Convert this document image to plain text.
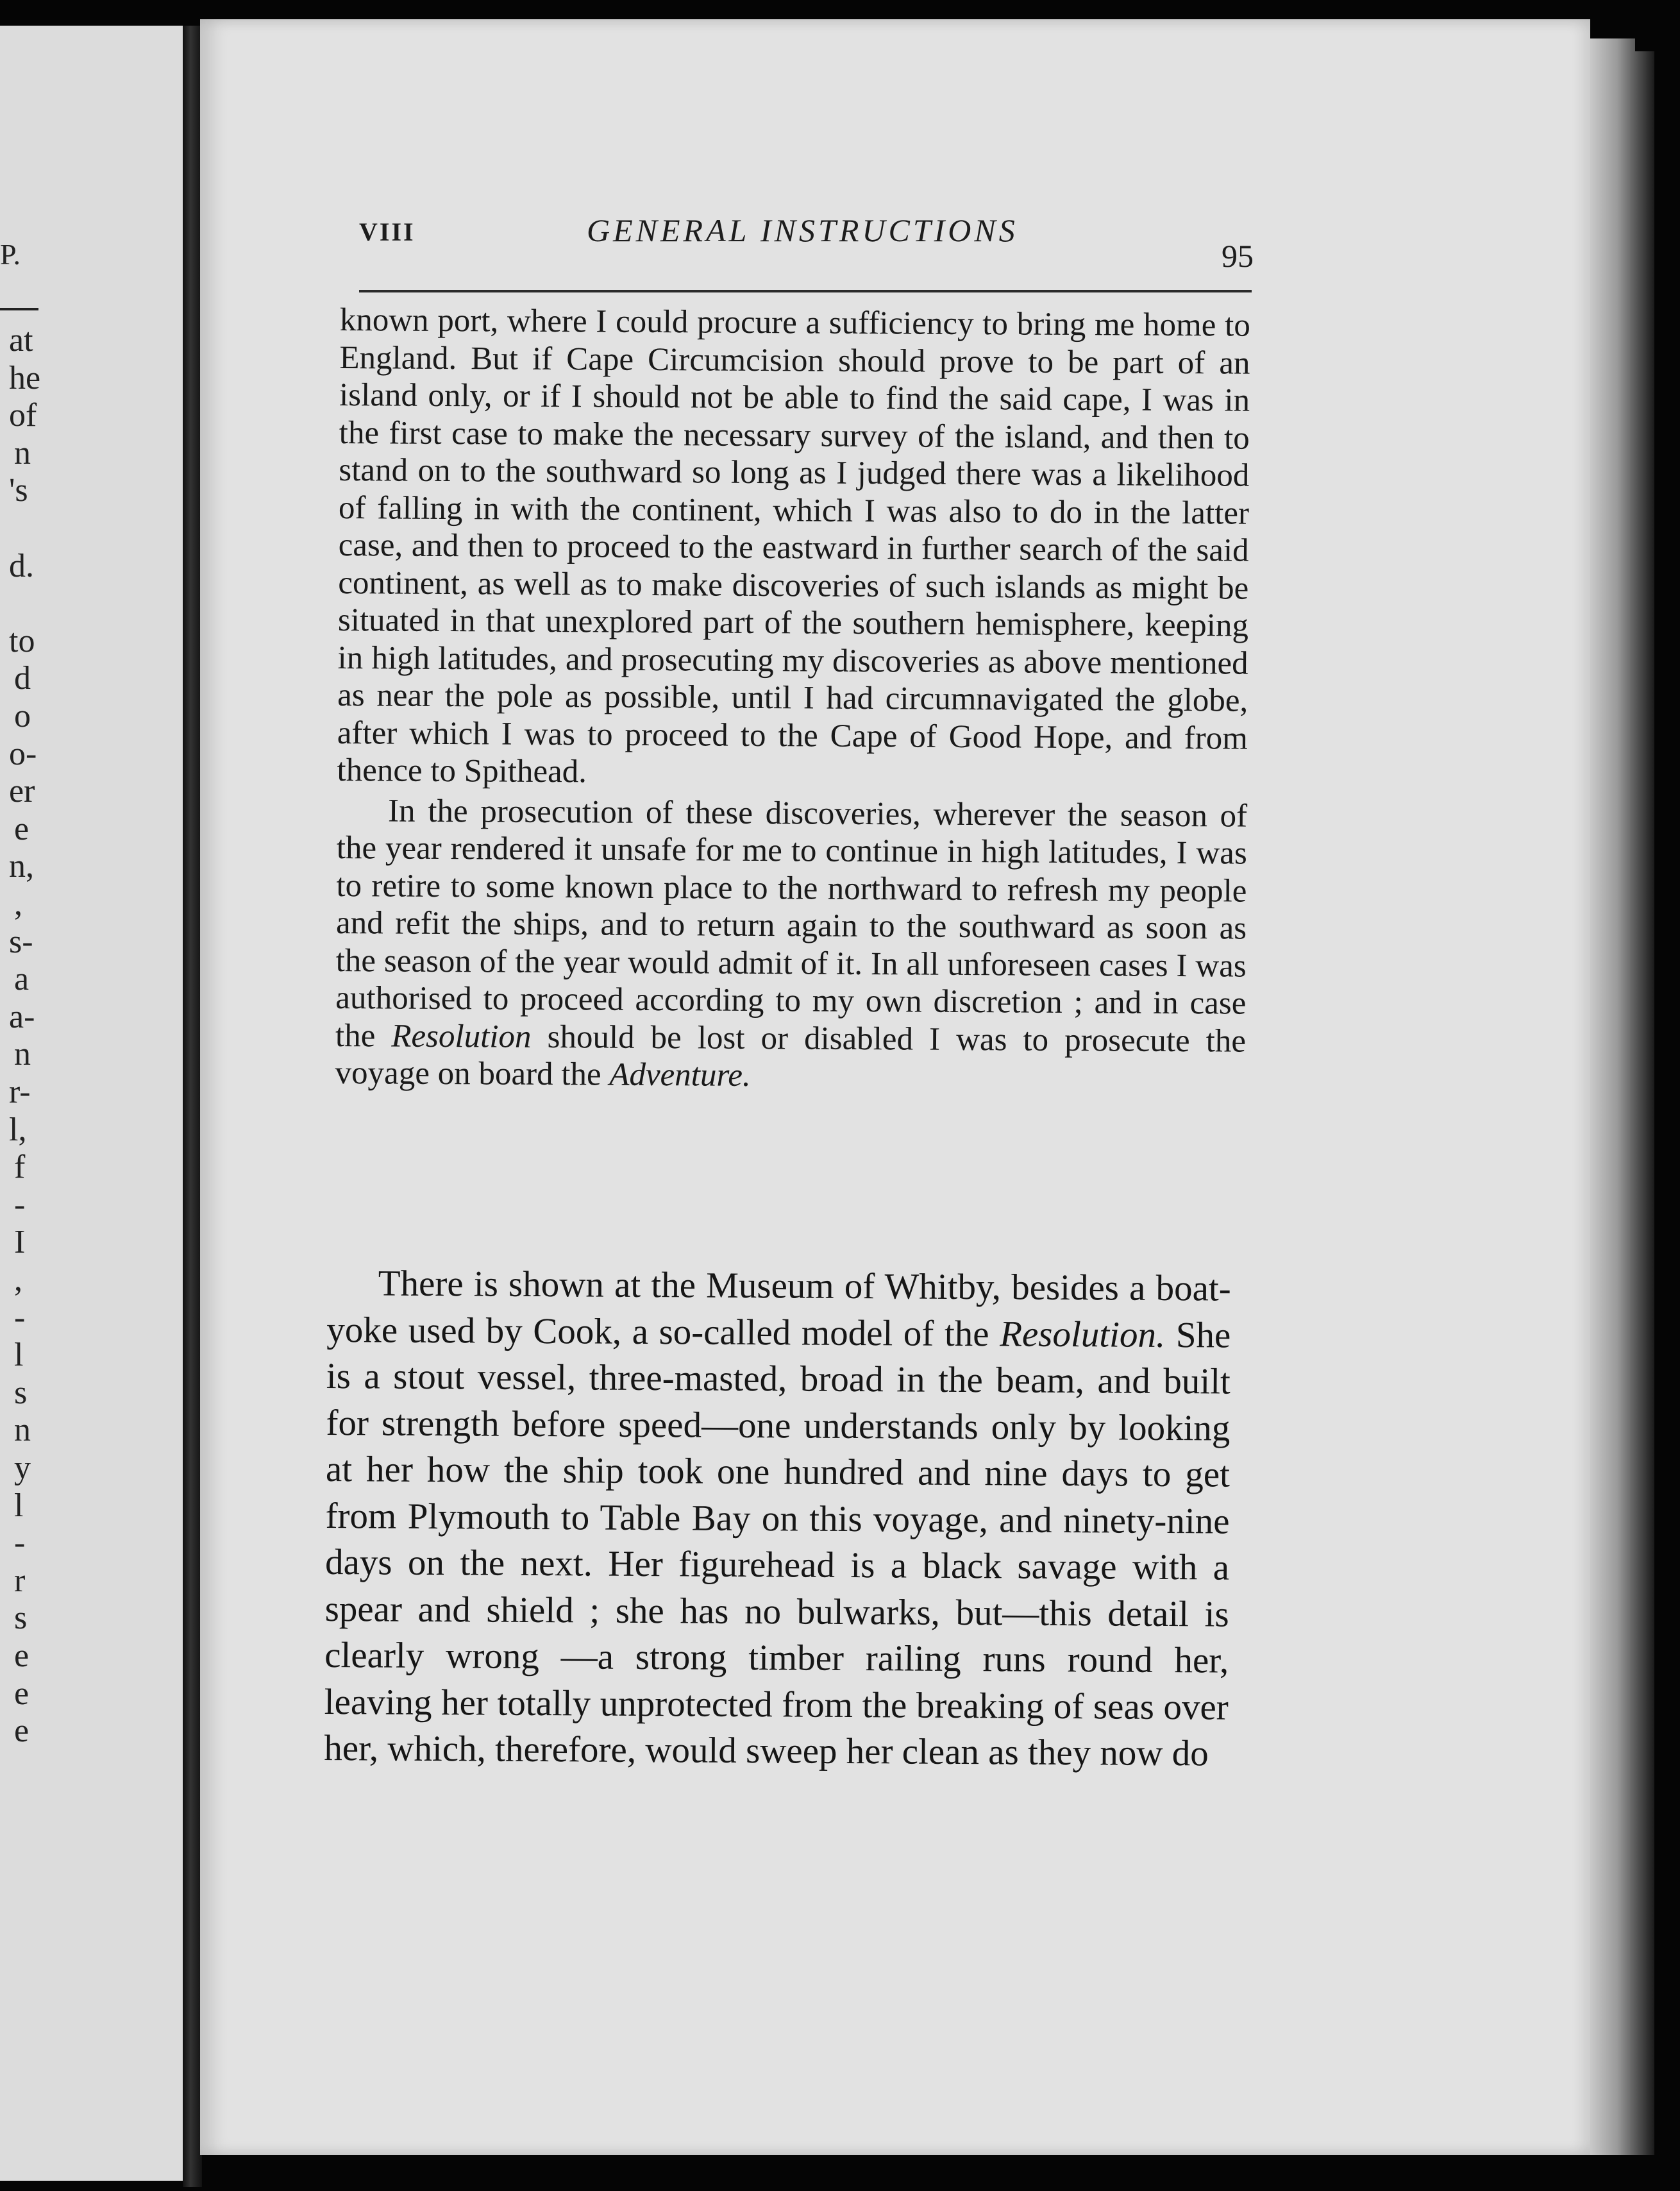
P.
at
he
of
n
's
d.
to
d
o
o-
er
e
n,
,
s-
a
a-
n
r-
l,
f
-
I
,
-
l
s
n
y
l
-
r
s
e
e
e
VIII	GENERAL INSTRUCTIONS
95

known port, where I could procure a sufficiency to bring me home to England. But if Cape Circumcision should prove to be part of an island only, or if I should not be able to find the said cape, I was in the first case to make the necessary survey of the island, and then to stand on to the southward so long as I judged there was a likelihood of falling in with the continent, which I was also to do in the latter case, and then to proceed to the eastward in further search of the said continent, as well as to make discoveries of such islands as might be situated in that unexplored part of the southern hemisphere, keeping in high latitudes, and prosecuting my discoveries as above mentioned as near the pole as possible, until I had circumnavigated the globe, after which I was to proceed to the Cape of Good Hope, and from thence to Spithead.

In the prosecution of these discoveries, wherever the season of the year rendered it unsafe for me to continue in high latitudes, I was to retire to some known place to the northward to refresh my people and refit the ships, and to return again to the southward as soon as the season of the year would admit of it. In all unforeseen cases I was authorised to proceed according to my own discretion ; and in case the Resolution should be lost or disabled I was to prosecute the voyage on board the Adventure.

There is shown at the Museum of Whitby, besides a boat-yoke used by Cook, a so-called model of the Resolution. She is a stout vessel, three-masted, broad in the beam, and built for strength before speed—one understands only by looking at her how the ship took one hundred and nine days to get from Plymouth to Table Bay on this voyage, and ninety-nine days on the next. Her figurehead is a black savage with a spear and shield ; she has no bulwarks, but—this detail is clearly wrong —a strong timber railing runs round her, leaving her totally unprotected from the breaking of seas over her, which, therefore, would sweep her clean as they now do
